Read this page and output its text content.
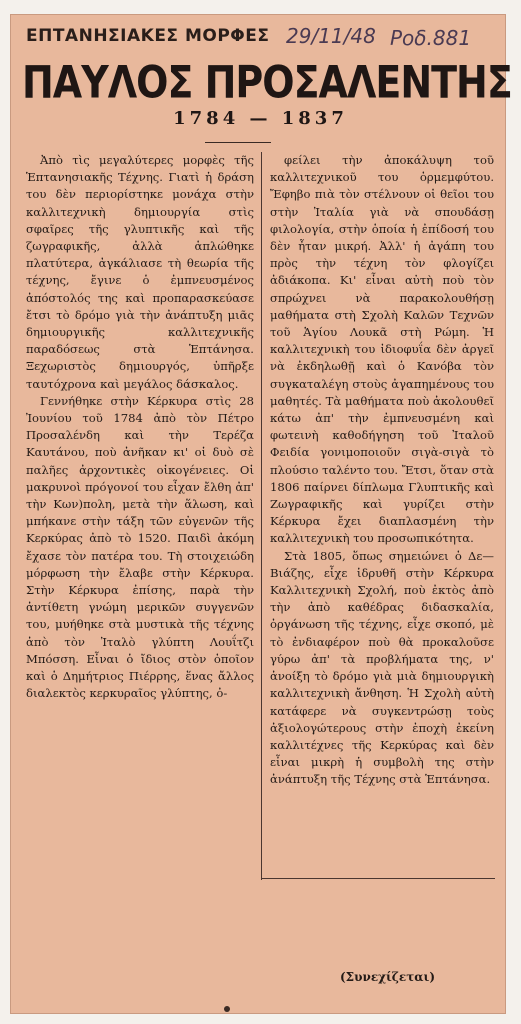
ΕΠΤΑΝΗΣΙΑΚΕΣ ΜΟΡΦΕΣ 29/11/48 Ροδ.881
ΠΑΥΛΟΣ ΠΡΟΣΑΛΕΝΤΗΣ
1784 — 1837

Ἀπὸ τὶς μεγαλύτερες μορφὲς τῆς Ἑπτανησιακῆς Τέχνης. Γιατὶ ἡ δράση του δὲν περιορίστηκε μονάχα στὴν καλλιτεχνικὴ δημιουργία στὶς σφαῖρες τῆς γλυπτικῆς καὶ τῆς ζωγραφικῆς, ἀλλὰ ἁπλώθηκε πλατύτερα, ἀγκάλιασε τὴ θεωρία τῆς τέχνης, ἔγινε ὁ ἐμπνευσμένος ἀπόστολός της καὶ προπαρασκεύασε ἔτσι τὸ δρόμο γιὰ τὴν ἀνάπτυξη μιᾶς δημιουργικῆς καλλιτεχνικῆς παραδόσεως στὰ Ἑπτάνησα. Ξεχωριστὸς δημιουργός, ὑπῆρξε ταυτόχρονα καὶ μεγάλος δάσκαλος.

Γεννήθηκε στὴν Κέρκυρα στὶς 28 Ἰουνίου τοῦ 1784 ἀπὸ τὸν Πέτρο Προσαλένδη καὶ τὴν Τερέζα Καυτάνου, ποὺ ἀνῆκαν κι' οἱ δυὸ σὲ παλῆες ἀρχοντικὲς οἰκογένειες. Οἱ μακρυνοὶ πρόγονοί του εἶχαν ἔλθη ἀπ' τὴν Κων)πολη, μετὰ τὴν ἅλωση, καὶ μπήκανε στὴν τάξη τῶν εὐγενῶν τῆς Κερκύρας ἀπὸ τὸ 1520. Παιδὶ ἀκόμη ἔχασε τὸν πατέρα του. Τὴ στοιχειώδη μόρφωση τὴν ἔλαβε στὴν Κέρκυρα. Στὴν Κέρκυρα ἐπίσης, παρὰ τὴν ἀντίθετη γνώμη μερικῶν συγγενῶν του, μυήθηκε στὰ μυστικὰ τῆς τέχνης ἀπὸ τὸν Ἰταλὸ γλύπτη Λουΐτζι Μπόσση. Εἶναι ὁ ἴδιος στὸν ὁποῖον καὶ ὁ Δημήτριος Πιέρρης, ἕνας ἄλλος διαλεκτὸς κερκυραῖος γλύπτης, ὀ-

φείλει τὴν ἀποκάλυψη τοῦ καλλιτεχνικοῦ του ὁρμεμφύτου. Ἔφηβο πιὰ τὸν στέλνουν οἱ θεῖοι του στὴν Ἰταλία γιὰ νὰ σπουδάσῃ φιλολογία, στὴν ὁποία ἡ ἐπίδοσή του δὲν ἦταν μικρή. Ἀλλ' ἡ ἀγάπη του πρὸς τὴν τέχνη τὸν φλογίζει ἀδιάκοπα. Κι' εἶναι αὐτὴ ποὺ τὸν σπρώχνει νὰ παρακολουθήσῃ μαθήματα στὴ Σχολὴ Καλῶν Τεχνῶν τοῦ Ἁγίου Λουκᾶ στὴ Ρώμη. Ἡ καλλιτεχνικὴ του ἰδιοφυΐα δὲν ἀργεῖ νὰ ἐκδηλωθῇ καὶ ὁ Κανόβα τὸν συγκαταλέγη στοὺς ἀγαπημένους του μαθητές. Τὰ μαθήματα ποὺ ἀκολουθεῖ κάτω ἀπ' τὴν ἐμπνευσμένη καὶ φωτεινὴ καθοδήγηση τοῦ Ἰταλοῦ Φειδία γονιμοποιοῦν σιγὰ-σιγὰ τὸ πλούσιο ταλέντο του. Ἔτσι, ὅταν στὰ 1806 παίρνει δίπλωμα Γλυπτικῆς καὶ Ζωγραφικῆς καὶ γυρίζει στὴν Κέρκυρα ἔχει διαπλασμένη τὴν καλλιτεχνικὴ του προσωπικότητα.

Στὰ 1805, ὅπως σημειώνει ὁ Δε—Βιάζης, εἶχε ἱδρυθῆ στὴν Κέρκυρα Καλλιτεχνικὴ Σχολή, ποὺ ἐκτὸς ἀπὸ τὴν ἀπὸ καθέδρας διδασκαλία, ὀργάνωση τῆς τέχνης, εἶχε σκοπό, μὲ τὸ ἐνδιαφέρον ποὺ θὰ προκαλοῦσε γύρω ἀπ' τὰ προβλήματα της, ν' ἀνοίξη τὸ δρόμο γιὰ μιὰ δημιουργικὴ καλλιτεχνικὴ ἄνθηση. Ἡ Σχολὴ αὐτὴ κατάφερε νὰ συγκεντρώσῃ τοὺς ἀξιολογώτερους στὴν ἐποχὴ ἐκείνη καλλιτέχνες τῆς Κερκύρας καὶ δὲν εἶναι μικρὴ ἡ συμβολὴ της στὴν ἀνάπτυξη τῆς Τέχνης στὰ Ἑπτάνησα.

(Συνεχίζεται)
